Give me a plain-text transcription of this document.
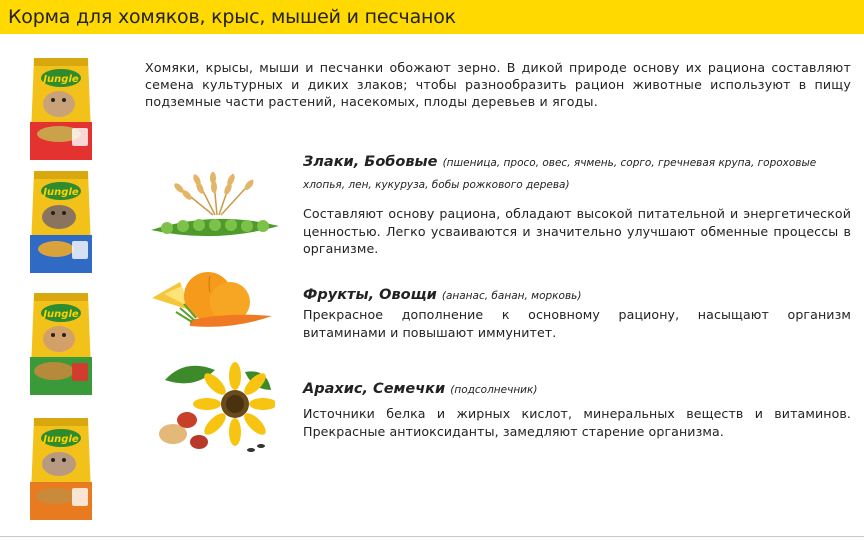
Корма для хомяков, крыс, мышей и песчанок
Jungle
Jungle
Jungle
Jungle

Хомяки, крысы, мыши и песчанки обожают зерно. В дикой природе основу их рациона составляют семена культурных и диких злаков; чтобы разнообразить рацион животные используют в пищу подземные части растений, насекомых, плоды деревьев и ягоды.

Злаки, Бобовые (пшеница, просо, овес, ячмень, сорго, гречневая крупа, гороховые хлопья, лен, кукуруза, бобы рожкового дерева)

Составляют основу рациона, обладают высокой питательной и энергетической ценностью. Легко усваиваются и значительно улучшают обменные процессы в организме.

Фрукты, Овощи (ананас, банан, морковь)

Прекрасное дополнение к основному рациону, насыщают организм витаминами и повышают иммунитет.

Арахис, Семечки (подсолнечник)

Источники белка и жирных кислот, минеральных веществ и витаминов. Прекрасные антиоксиданты, замедляют старение организма.
